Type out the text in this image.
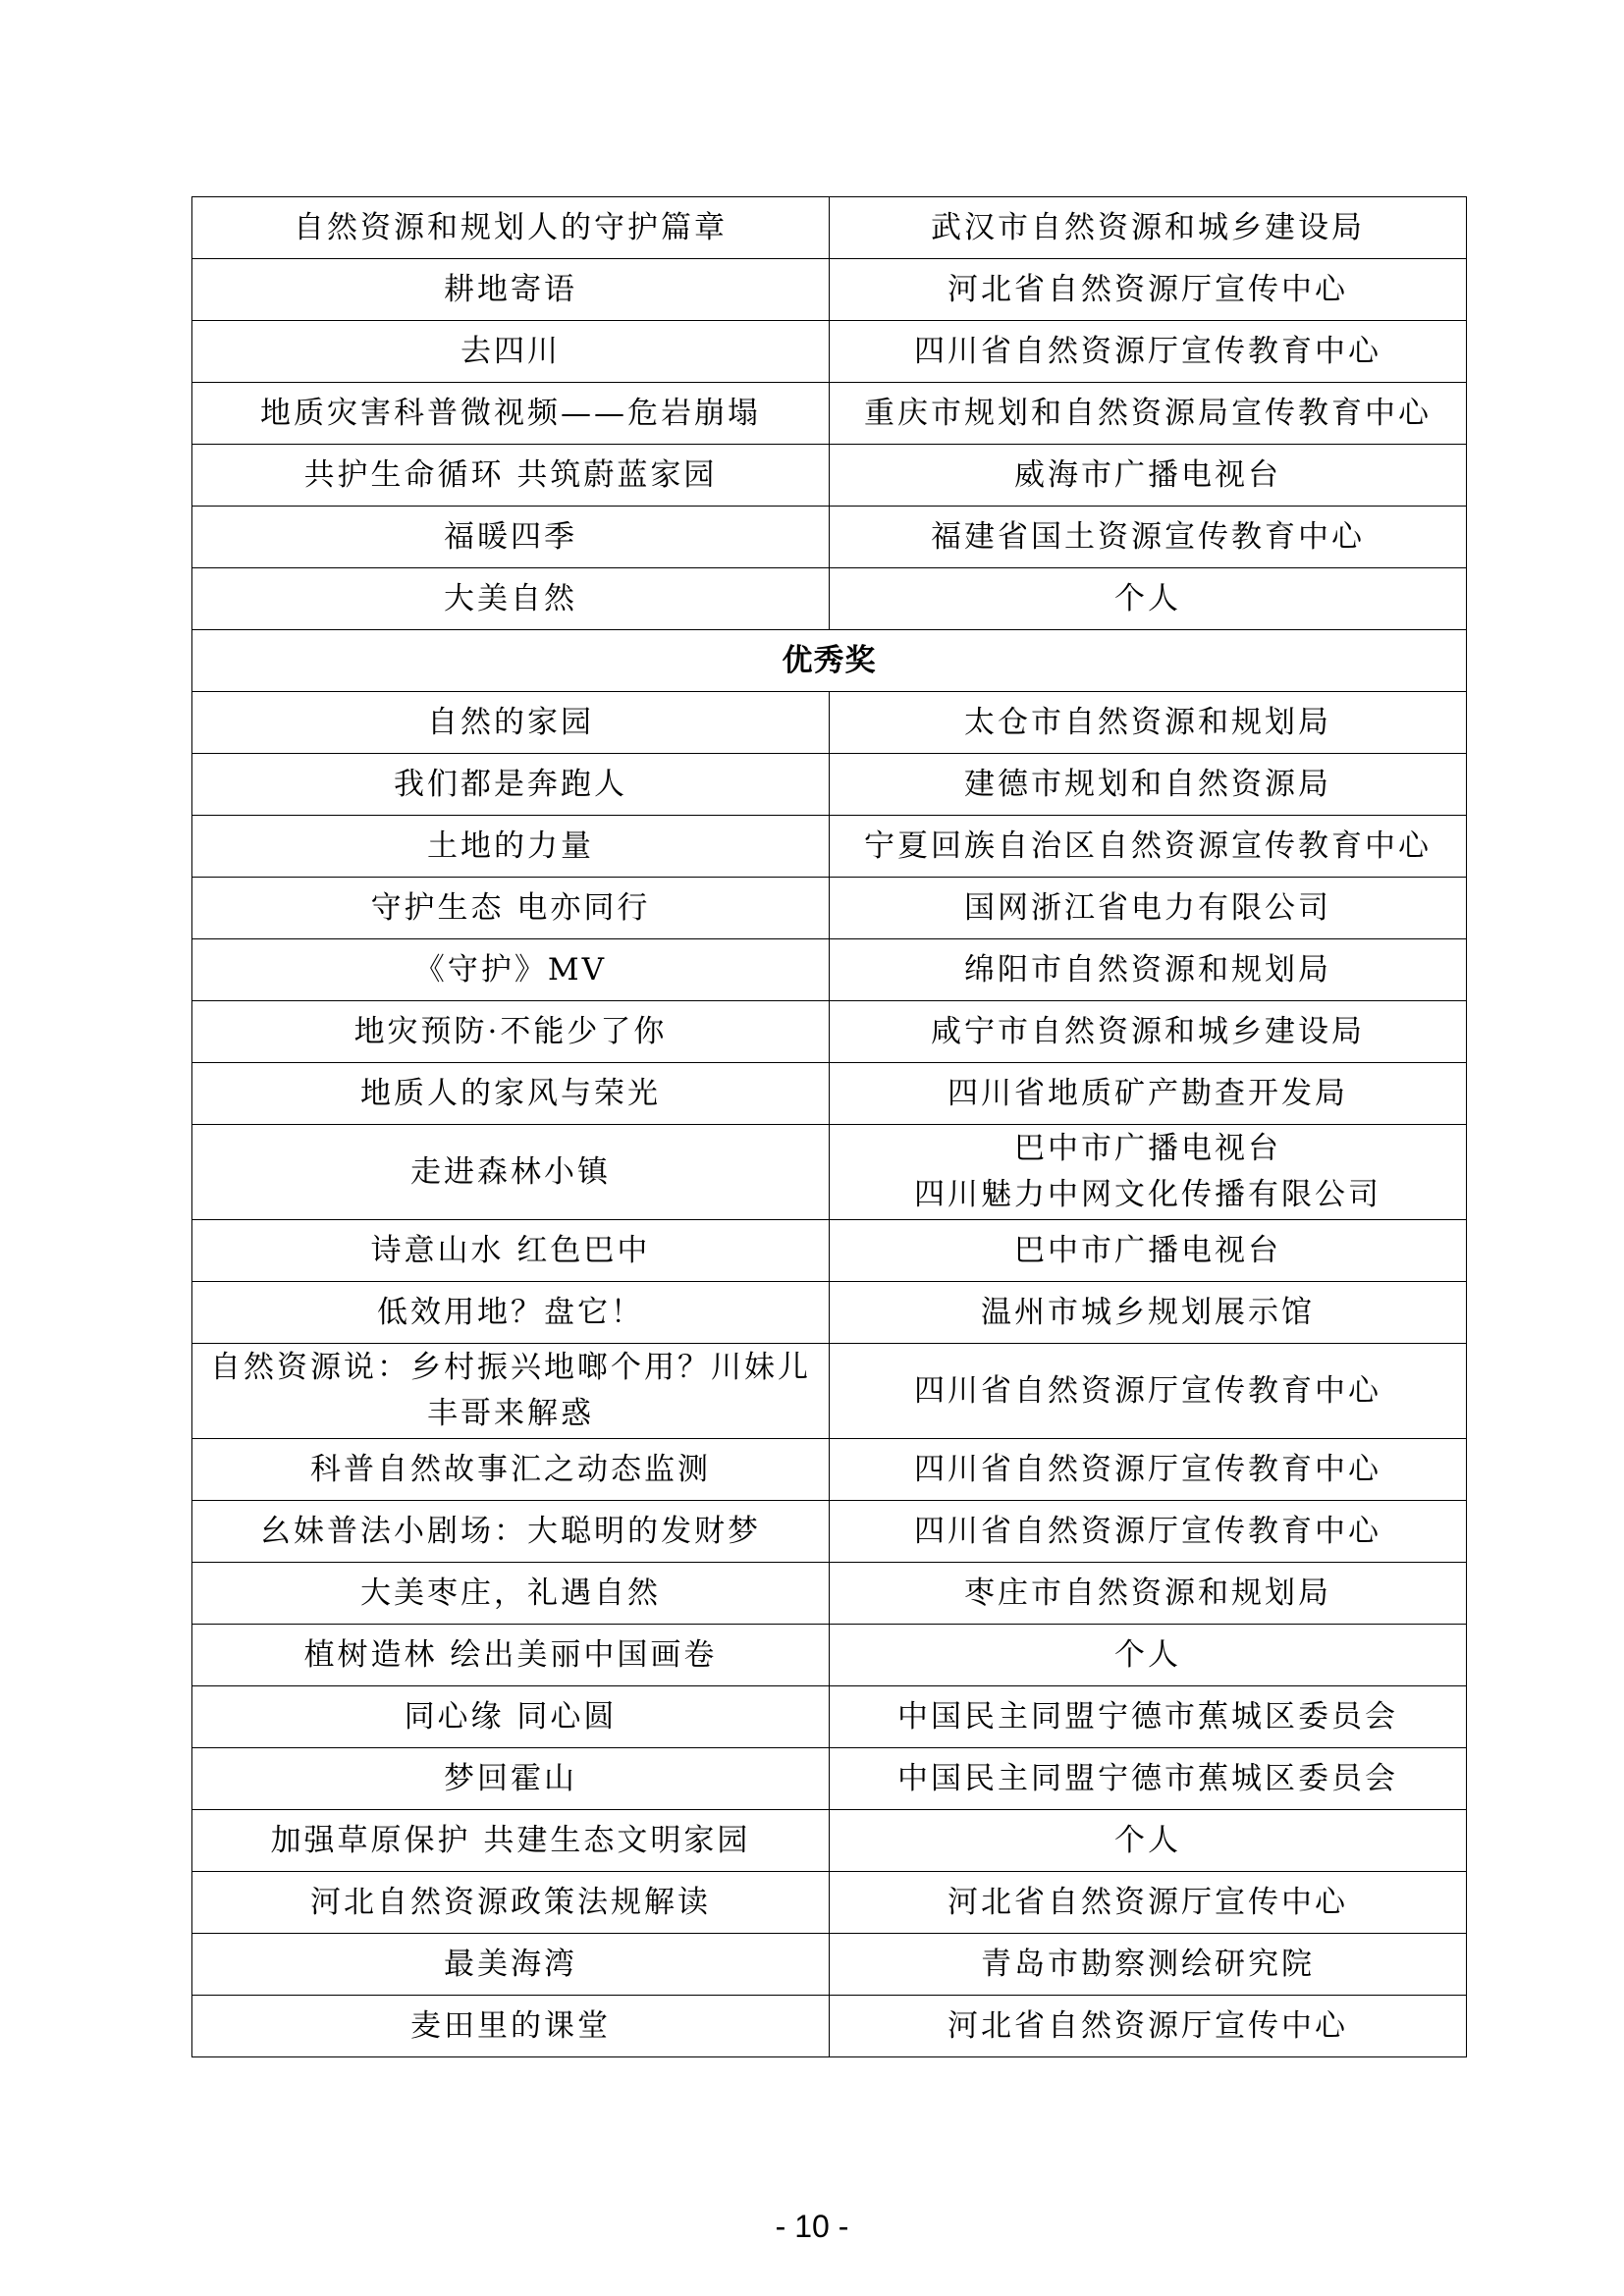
自然资源和规划人的守护篇章	武汉市自然资源和城乡建设局
耕地寄语	河北省自然资源厅宣传中心
去四川	四川省自然资源厅宣传教育中心
地质灾害科普微视频——危岩崩塌	重庆市规划和自然资源局宣传教育中心
共护生命循环 共筑蔚蓝家园	威海市广播电视台
福暖四季	福建省国土资源宣传教育中心
大美自然	个人
优秀奖	
自然的家园	太仓市自然资源和规划局
我们都是奔跑人	建德市规划和自然资源局
土地的力量	宁夏回族自治区自然资源宣传教育中心
守护生态 电亦同行	国网浙江省电力有限公司
《守护》MV	绵阳市自然资源和规划局
地灾预防·不能少了你	咸宁市自然资源和城乡建设局
地质人的家风与荣光	四川省地质矿产勘查开发局
走进森林小镇	巴中市广播电视台
四川魅力中网文化传播有限公司

诗意山水 红色巴中	巴中市广播电视台
低效用地？盘它！	温州市城乡规划展示馆

自然资源说：乡村振兴地啷个用？川妹儿
丰哥来解惑	四川省自然资源厅宣传教育中心
科普自然故事汇之动态监测	四川省自然资源厅宣传教育中心
幺妹普法小剧场：大聪明的发财梦	四川省自然资源厅宣传教育中心
大美枣庄，礼遇自然	枣庄市自然资源和规划局
植树造林 绘出美丽中国画卷	个人
同心缘 同心圆	中国民主同盟宁德市蕉城区委员会
梦回霍山	中国民主同盟宁德市蕉城区委员会
加强草原保护 共建生态文明家园	个人
河北自然资源政策法规解读	河北省自然资源厅宣传中心
最美海湾	青岛市勘察测绘研究院
麦田里的课堂	河北省自然资源厅宣传中心
- 10 -
